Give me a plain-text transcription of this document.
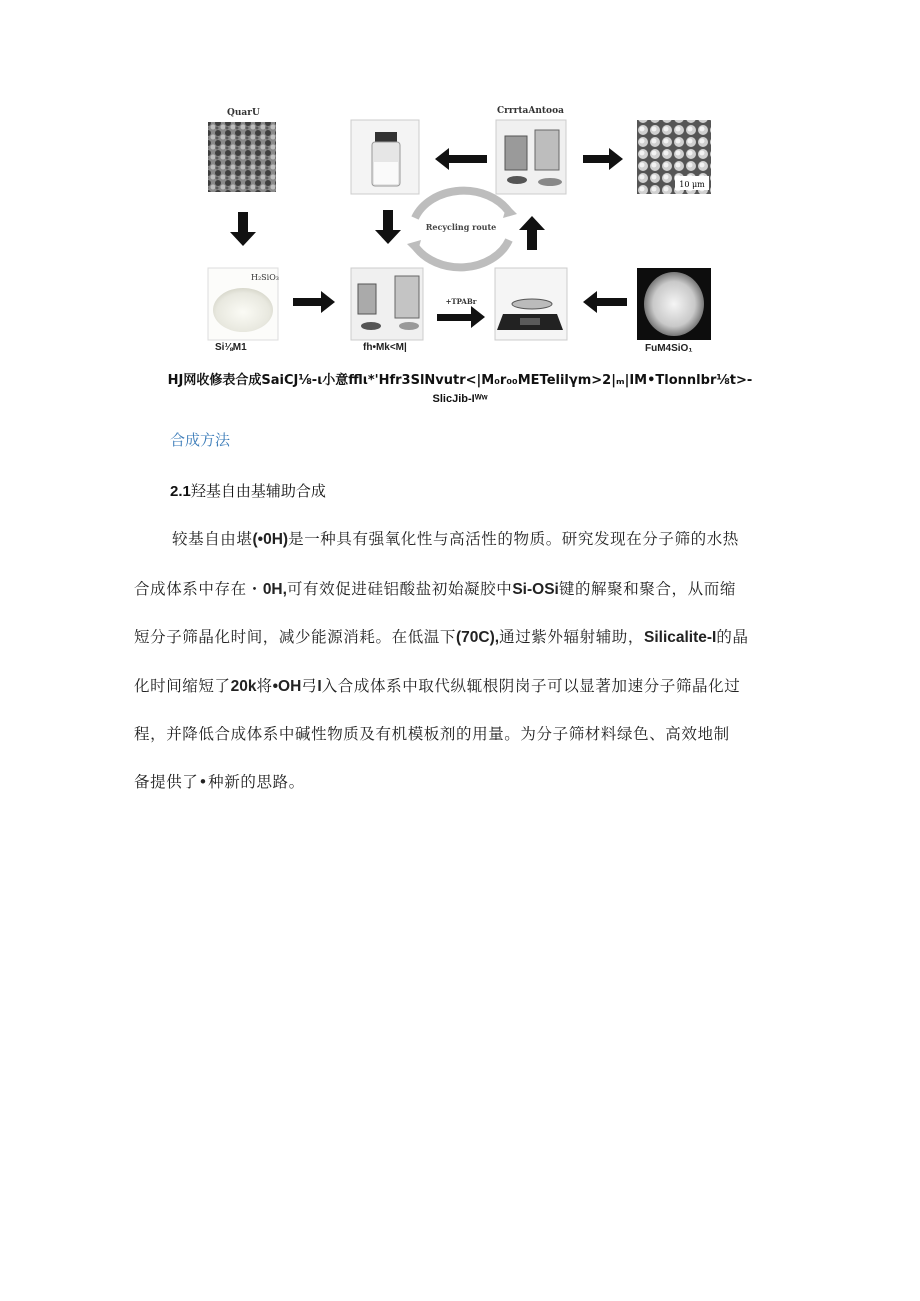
10 μm
H₂SiO₃
Recycling route
+TPABr
QuarU	CrrrtaAntooa
Si⅛M1	fh•Mk<M|	FuM4SiO₁
HJ网收修表合成SaiCJ⅛-ι小意fflι*'Hfr3SlNvutr<|M₀r₀₀METelilγm>2|ₘ|IM•Tlonnlbr⅛t>-
SlicJib-Iᵂʷ
合成方法
2.1羟基自由基辅助合成
较基自由堪(•0H)是一种具有强氧化性与高活性的物质。研究发现在分子筛的水热
合成体系中存在・0H,可有效促进硅铝酸盐初始凝胶中Si-OSi键的解聚和聚合，从而缩
短分子筛晶化时间，减少能源消耗。在低温下(70C),通过紫外辐射辅助，Silicalite-I的晶
化时间缩短了20k将•OH弓I入合成体系中取代纵辄根阴岗子可以显著加速分子筛晶化过
程，并降低合成体系中碱性物质及有机模板剂的用量。为分子筛材料绿色、高效地制
备提供了•种新的思路。
